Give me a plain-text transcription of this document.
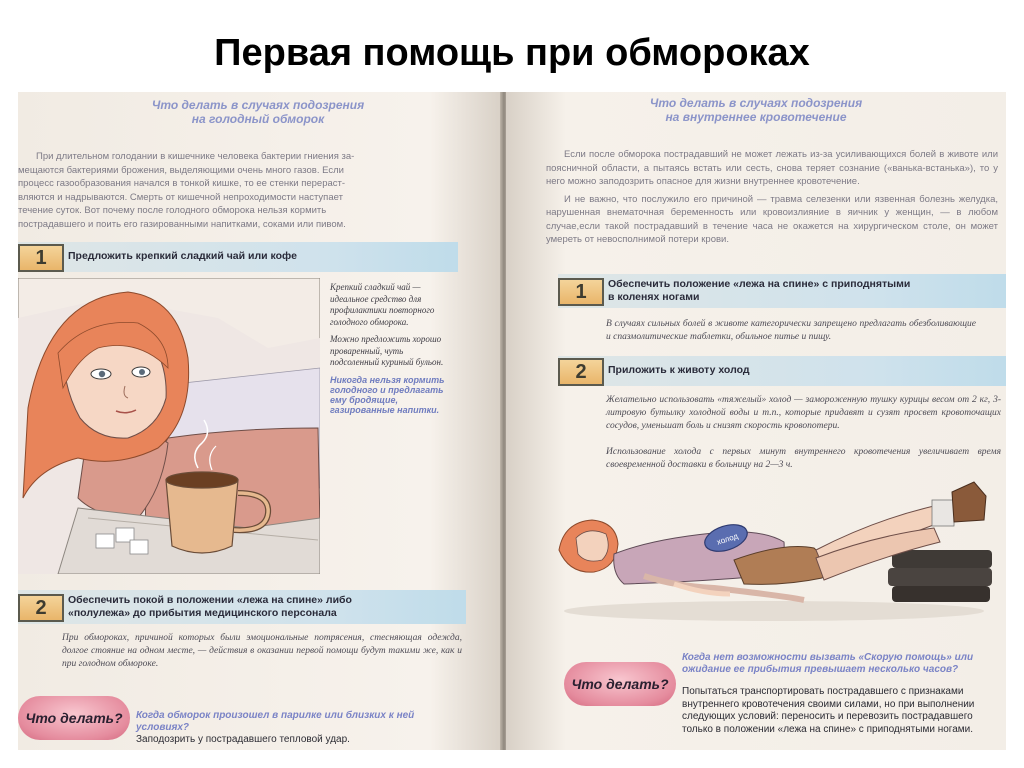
Первая помощь при обмороках
Что делать в случаях подозрения
на голодный обморок
При длительном голодании в кишечнике человека бактерии гниения за-
мещаются бактериями брожения, выделяющими очень много газов. Если
процесс газообразования начался в тонкой кишке, то ее стенки перераст-
вляются и надрываются. Смерть от кишечной непроходимости наступает
течение суток. Вот почему после голодного обморока нельзя кормить
пострадавшего и поить его газированными напитками, соками или пивом.
1	Предложить крепкий сладкий чай или кофе

Крепкий сладкий чай — идеальное средство для профилактики повторного голодного обморока.

Можно предложить хорошо проваренный, чуть подсоленный куриный бульон.

Никогда нельзя кормить голодного и предлагать ему бродящие, газированные напитки.

2	Обеспечить покой в положении «лежа на спине» либо
«полулежа» до прибытия медицинского персонала
При обмороках, причиной которых были эмоциональные потрясения, стесняющая одежда, долгое стояние на одном месте, — действия в оказании первой помощи будут такими же, как и при голодном обмороке.
Что делать?	Когда обморок произошел в парилке или близких к ней условиях?
Заподозрить у пострадавшего тепловой удар.
Что делать в случаях подозрения
на внутреннее кровотечение

Если после обморока пострадавший не может лежать из-за усиливающихся болей в животе или поясничной области, а пытаясь встать или сесть, снова теряет сознание («ванька-встанька»), то у него можно заподозрить опасное для жизни внутреннее кровотечение.

И не важно, что послужило его причиной — травма селезенки или язвенная болезнь желудка, нарушенная внематочная беременность или кровоизлияние в яичник у женщин, — в любом случае,если такой пострадавший в течение часа не окажется на хирургическом столе, он может умереть от невосполнимой потери крови.

1	Обеспечить положение «лежа на спине» с приподнятыми
в коленях ногами
В случаях сильных болей в животе категорически запрещено предлагать обезболивающие и спазмолитические таблетки, обильное питье и пищу.
2	Приложить к животу холод
Желательно использовать «тяжелый» холод — замороженную тушку курицы весом от 2 кг, 3-литровую бутылку холодной воды и т.п., которые придавят и сузят просвет кровоточащих сосудов, уменьшат боль и снизят скорость кровопотери.
Использование холода с первых минут внутреннего кровотечения увеличивает время своевременной доставки в больницу на 2—3 ч.
холод
Что делать?
Когда нет возможности вызвать «Скорую помощь» или ожидание ее прибытия превышает несколько часов?
Попытаться транспортировать пострадавшего с признаками внутреннего кровотечения своими силами, но при выполнении следующих условий: переносить и перевозить пострадавшего только в положении «лежа на спине» с приподнятыми ногами.
